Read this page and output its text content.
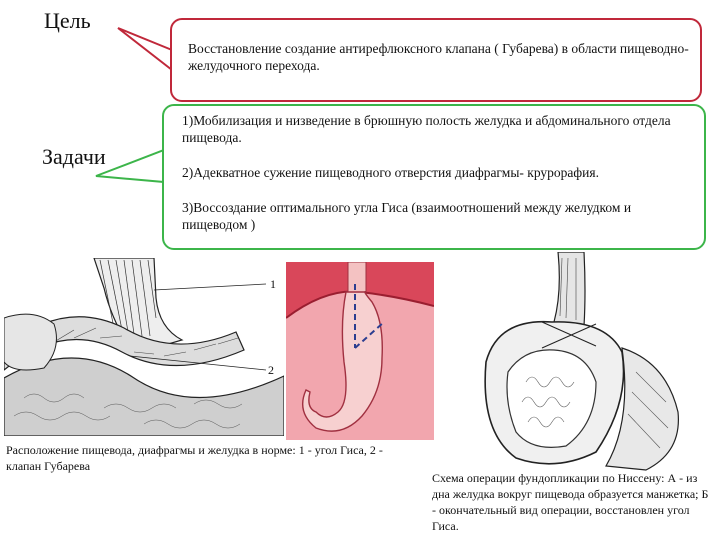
Цель
Задачи

Восстановление создание антирефлюксного клапана ( Губарева) в области пищеводно-желудочного перехода.

1)Мобилизация и низведение в брюшную полость желудка и абдоминального отдела пищевода.

2)Адекватное сужение пищеводного отверстия диафрагмы- крурорафия.

3)Воссоздание оптимального угла Гиса (взаимоотношений между желудком и пищеводом )

1
2
Расположение пищевода, диафрагмы и желудка в норме: 1 - угол Гиса, 2 - клапан Губарева
Схема операции фундопликации по Ниссену: А - из дна желудка вокруг пищевода образуется манжетка; Б - окончательный вид операции, восстановлен угол Гиса.
